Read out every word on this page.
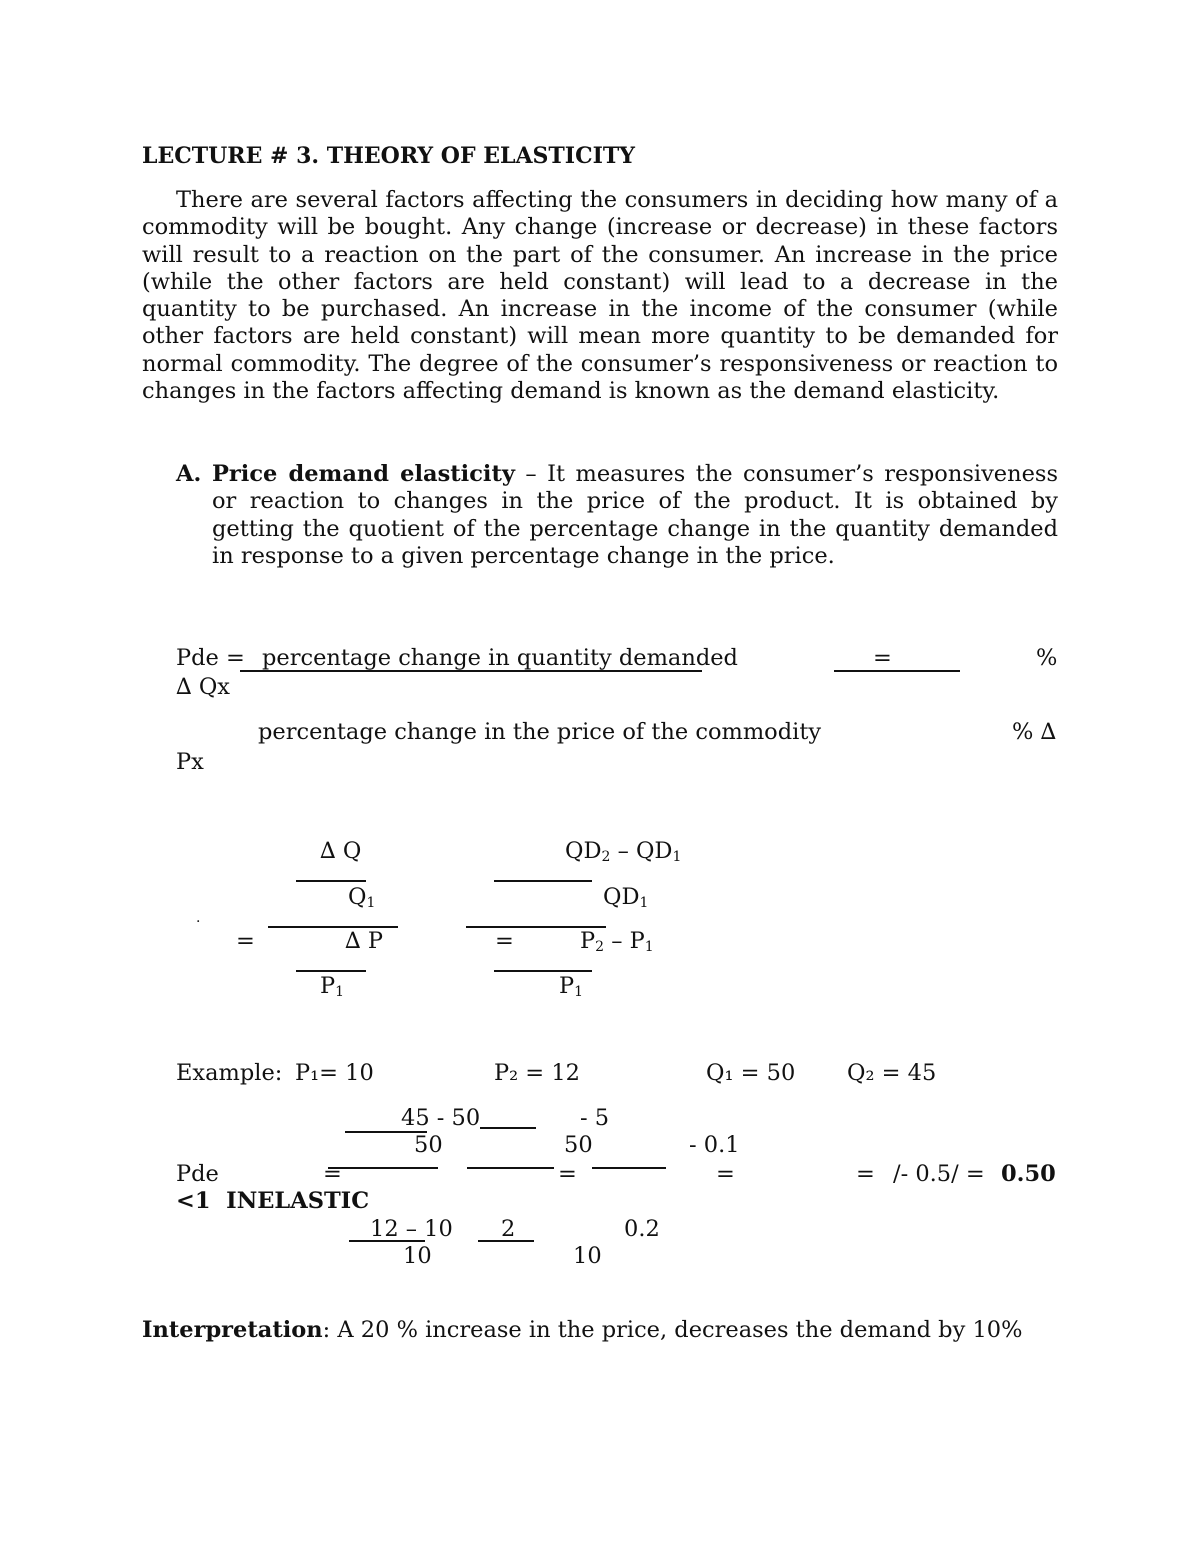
LECTURE # 3. THEORY OF ELASTICITY
There are several factors affecting the consumers in deciding how many of a commodity will be bought. Any change (increase or decrease) in these factors will result to a reaction on the part of the consumer. An increase in the price (while the other factors are held constant) will lead to a decrease in the quantity to be purchased. An increase in the income of the consumer (while other factors are held constant) will mean more quantity to be demanded for normal commodity. The degree of the consumer’s responsiveness or reaction to changes in the factors affecting demand is known as the demand elasticity.
A. Price demand elasticity – It measures the consumer’s responsiveness or reaction to changes in the price of the product. It is obtained by getting the quotient of the percentage change in the quantity demanded in response to a given percentage change in the price.
Pde = percentage change in quantity demanded	=	%
∆ Qx
percentage change in the price of the commodity	% ∆
Px
·
∆ Q
$Q_1$
=	∆ P
$P_1$
$QD_2 - QD_1$
$QD_1$
=	$P_2 - P_1$
$P_1$
Example: P₁= 10	P₂ = 12	Q₁ = 50 Q₂ = 45
45 - 50	- 5
50	50	- 0.1
Pde	=	=	=	= /- 0.5/ = 0.50
<1  INELASTIC
12 – 10 2	0.2
10	10
Interpretation: A 20 % increase in the price, decreases the demand by 10%
